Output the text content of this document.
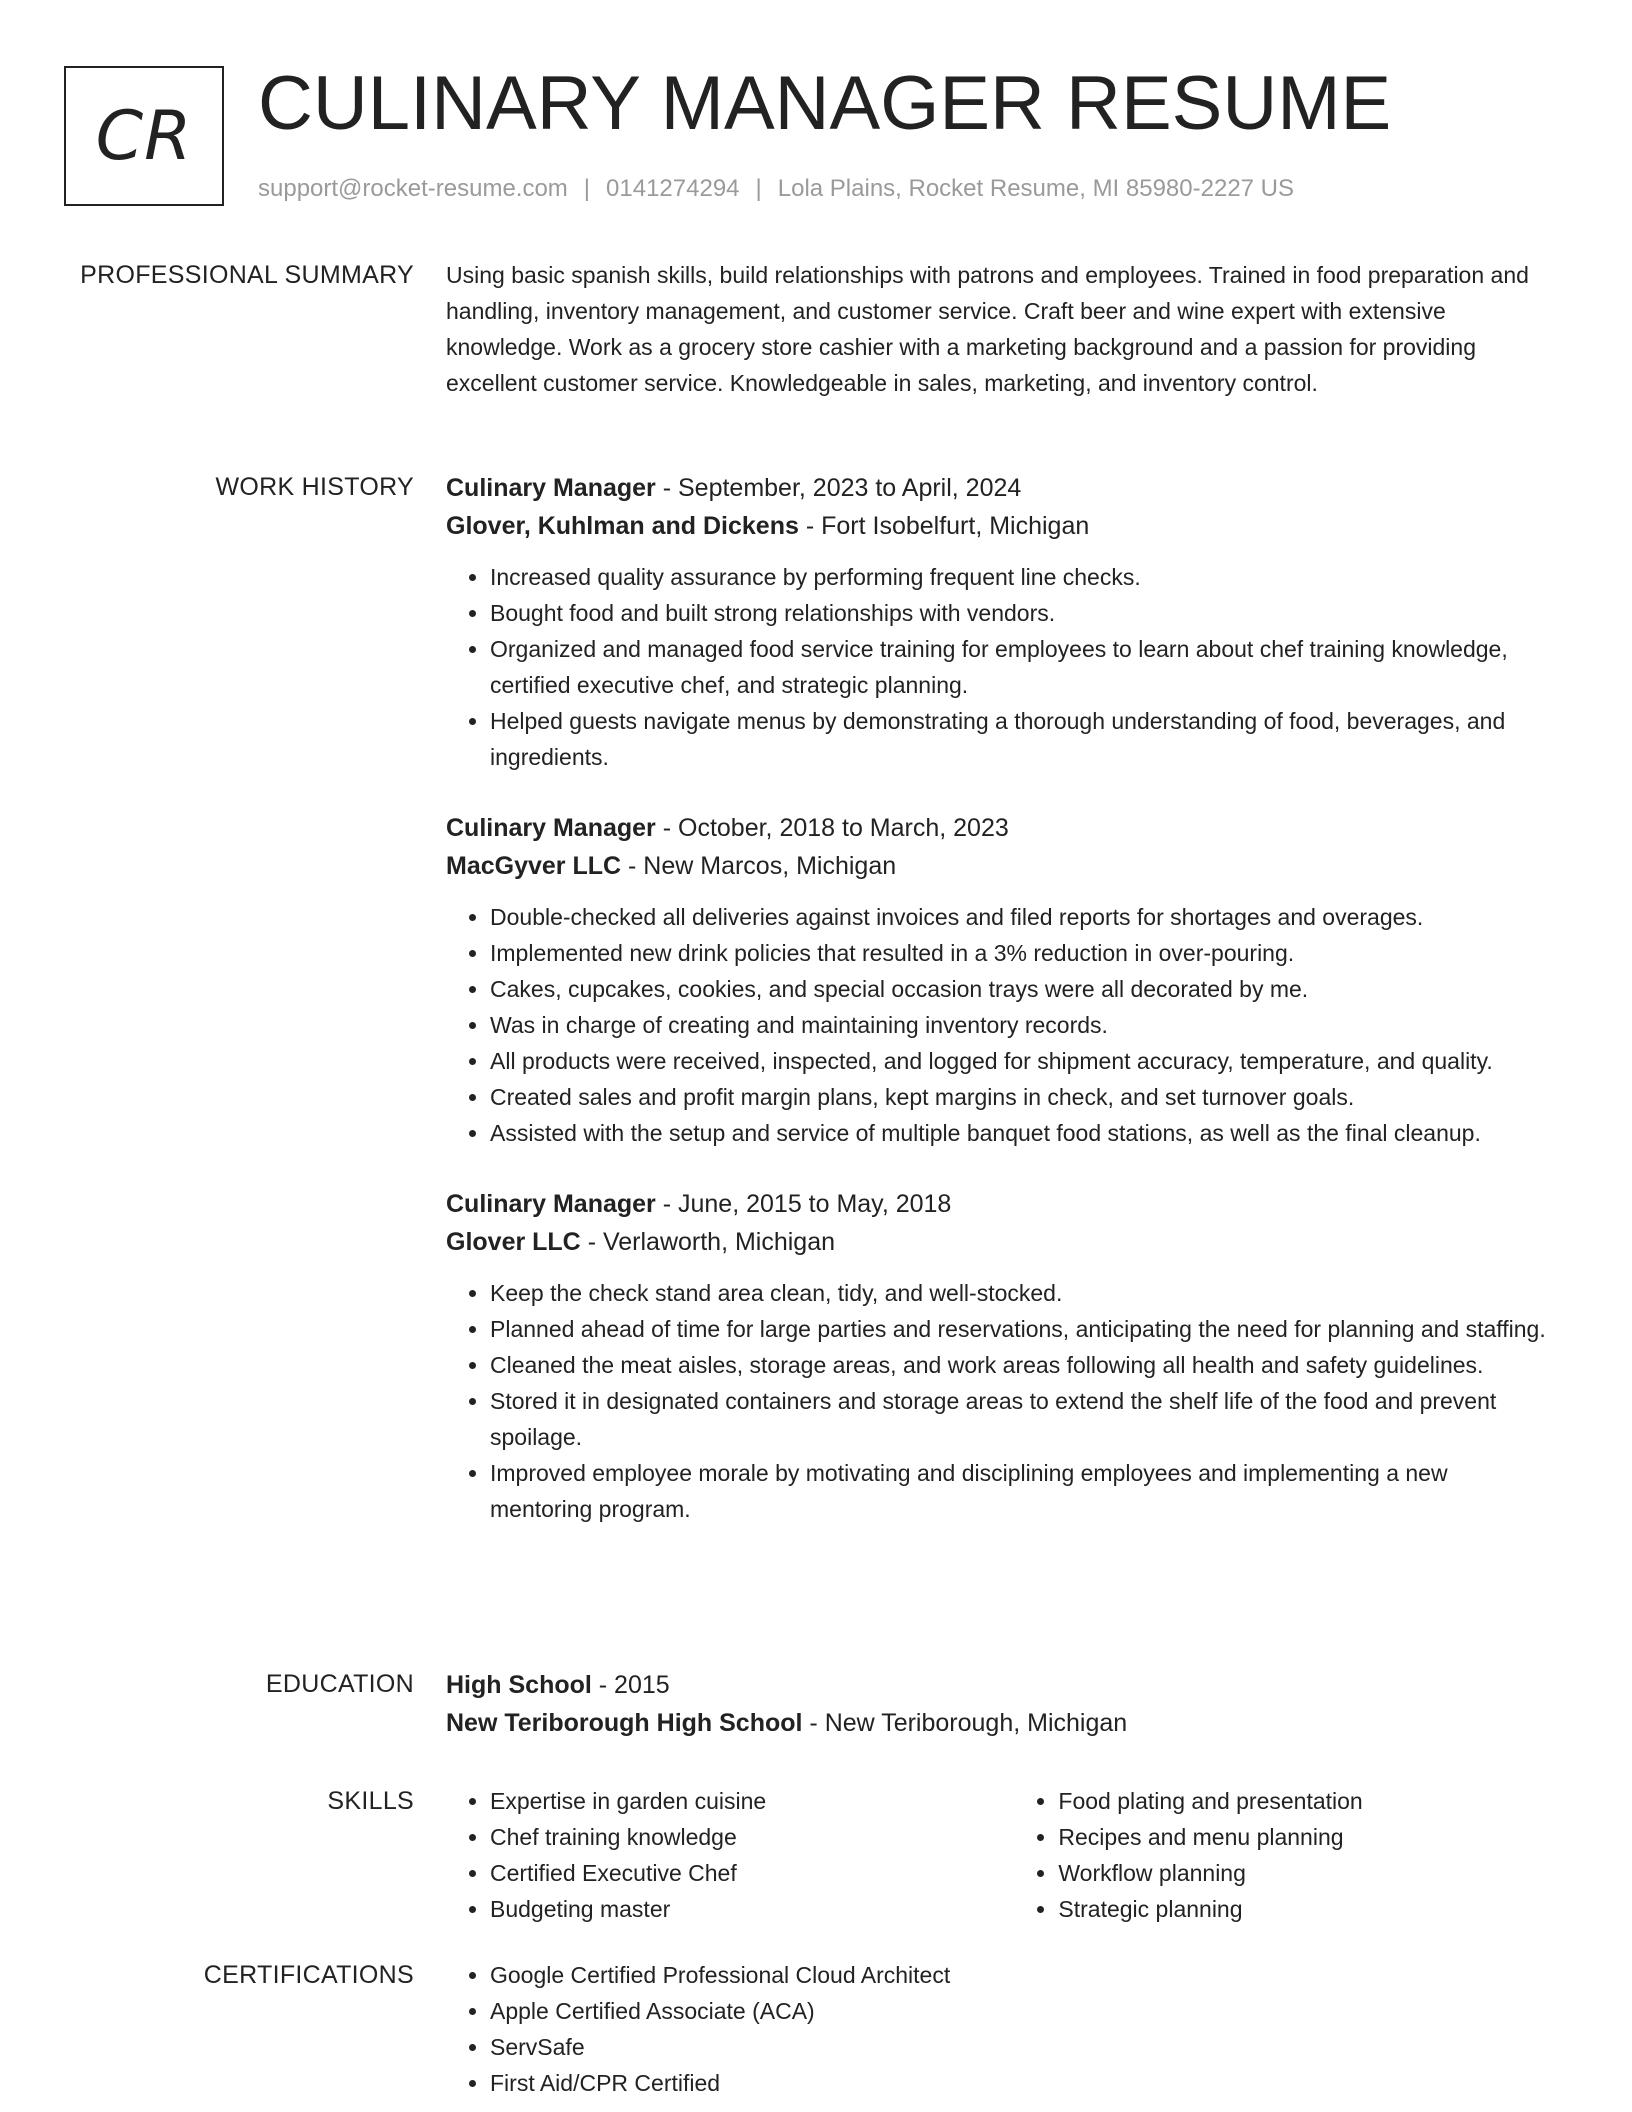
CR CULINARY MANAGER RESUME
support@rocket-resume.com | 0141274294 | Lola Plains, Rocket Resume, MI 85980-2227 US
PROFESSIONAL SUMMARY Using basic spanish skills, build relationships with patrons and employees. Trained in food preparation and handling, inventory management, and customer service. Craft beer and wine expert with extensive knowledge. Work as a grocery store cashier with a marketing background and a passion for providing excellent customer service. Knowledgeable in sales, marketing, and inventory control.

WORK HISTORY Culinary Manager - September, 2023 to April, 2024
Glover, Kuhlman and Dickens - Fort Isobelfurt, Michigan
• Increased quality assurance by performing frequent line checks.
• Bought food and built strong relationships with vendors.
• Organized and managed food service training for employees to learn about chef training knowledge, certified executive chef, and strategic planning.
• Helped guests navigate menus by demonstrating a thorough understanding of food, beverages, and ingredients.
Culinary Manager - October, 2018 to March, 2023
MacGyver LLC - New Marcos, Michigan
• Double-checked all deliveries against invoices and filed reports for shortages and overages.
• Implemented new drink policies that resulted in a 3% reduction in over-pouring.
• Cakes, cupcakes, cookies, and special occasion trays were all decorated by me.
• Was in charge of creating and maintaining inventory records.
• All products were received, inspected, and logged for shipment accuracy, temperature, and quality.
• Created sales and profit margin plans, kept margins in check, and set turnover goals.
• Assisted with the setup and service of multiple banquet food stations, as well as the final cleanup.
Culinary Manager - June, 2015 to May, 2018
Glover LLC - Verlaworth, Michigan
• Keep the check stand area clean, tidy, and well-stocked.
• Planned ahead of time for large parties and reservations, anticipating the need for planning and staffing.
• Cleaned the meat aisles, storage areas, and work areas following all health and safety guidelines.
• Stored it in designated containers and storage areas to extend the shelf life of the food and prevent spoilage.
• Improved employee morale by motivating and disciplining employees and implementing a new mentoring program.
EDUCATION High School - 2015
New Teriborough High School - New Teriborough, Michigan
SKILLS	• Expertise in garden cuisine
• Chef training knowledge
• Certified Executive Chef
• Budgeting master
• Food plating and presentation
• Recipes and menu planning
• Workflow planning
• Strategic planning
CERTIFICATIONS	• Google Certified Professional Cloud Architect
• Apple Certified Associate (ACA)
• ServSafe
• First Aid/CPR Certified
